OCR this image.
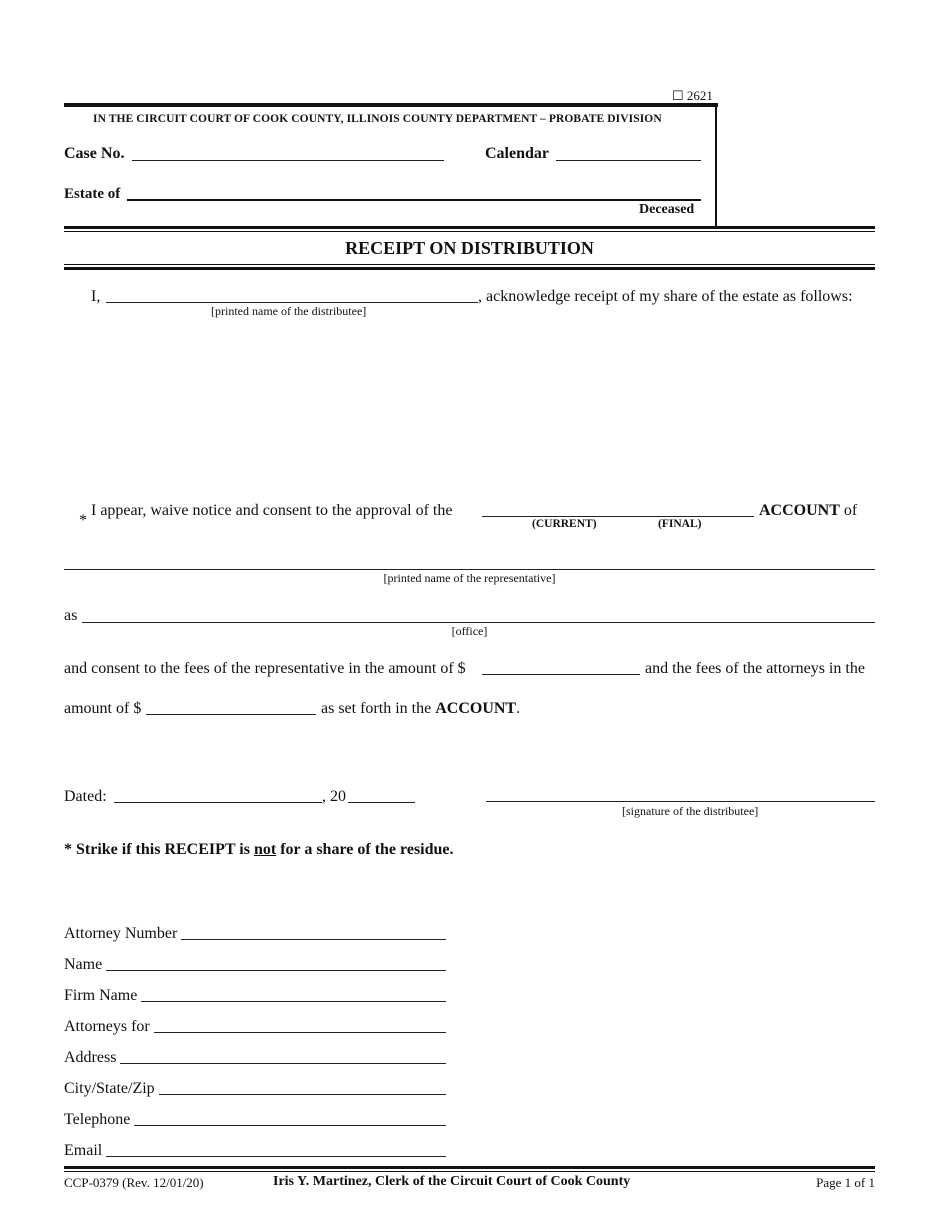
☐ 2621
IN THE CIRCUIT COURT OF COOK COUNTY, ILLINOIS COUNTY DEPARTMENT – PROBATE DIVISION
Case No.	Calendar
Estate of
Deceased
RECEIPT ON DISTRIBUTION
I,	, acknowledge receipt of my share of the estate as follows:
[printed name of the distributee]
*
I appear, waive notice and consent to the approval of the
(CURRENT)	(FINAL)
ACCOUNT of
[printed name of the representative]
as
[office]
and consent to the fees of the representative in the amount of $	and the fees of the attorneys in the
amount of $	as set forth in the ACCOUNT.
Dated:	, 20
[signature of the distributee]
* Strike if this RECEIPT is not for a share of the residue.
Attorney Number
Name
Firm Name
Attorneys for
Address
City/State/Zip
Telephone
Email
CCP-0379 (Rev. 12/01/20)	Iris Y. Martinez, Clerk of the Circuit Court of Cook County	Page 1 of 1
